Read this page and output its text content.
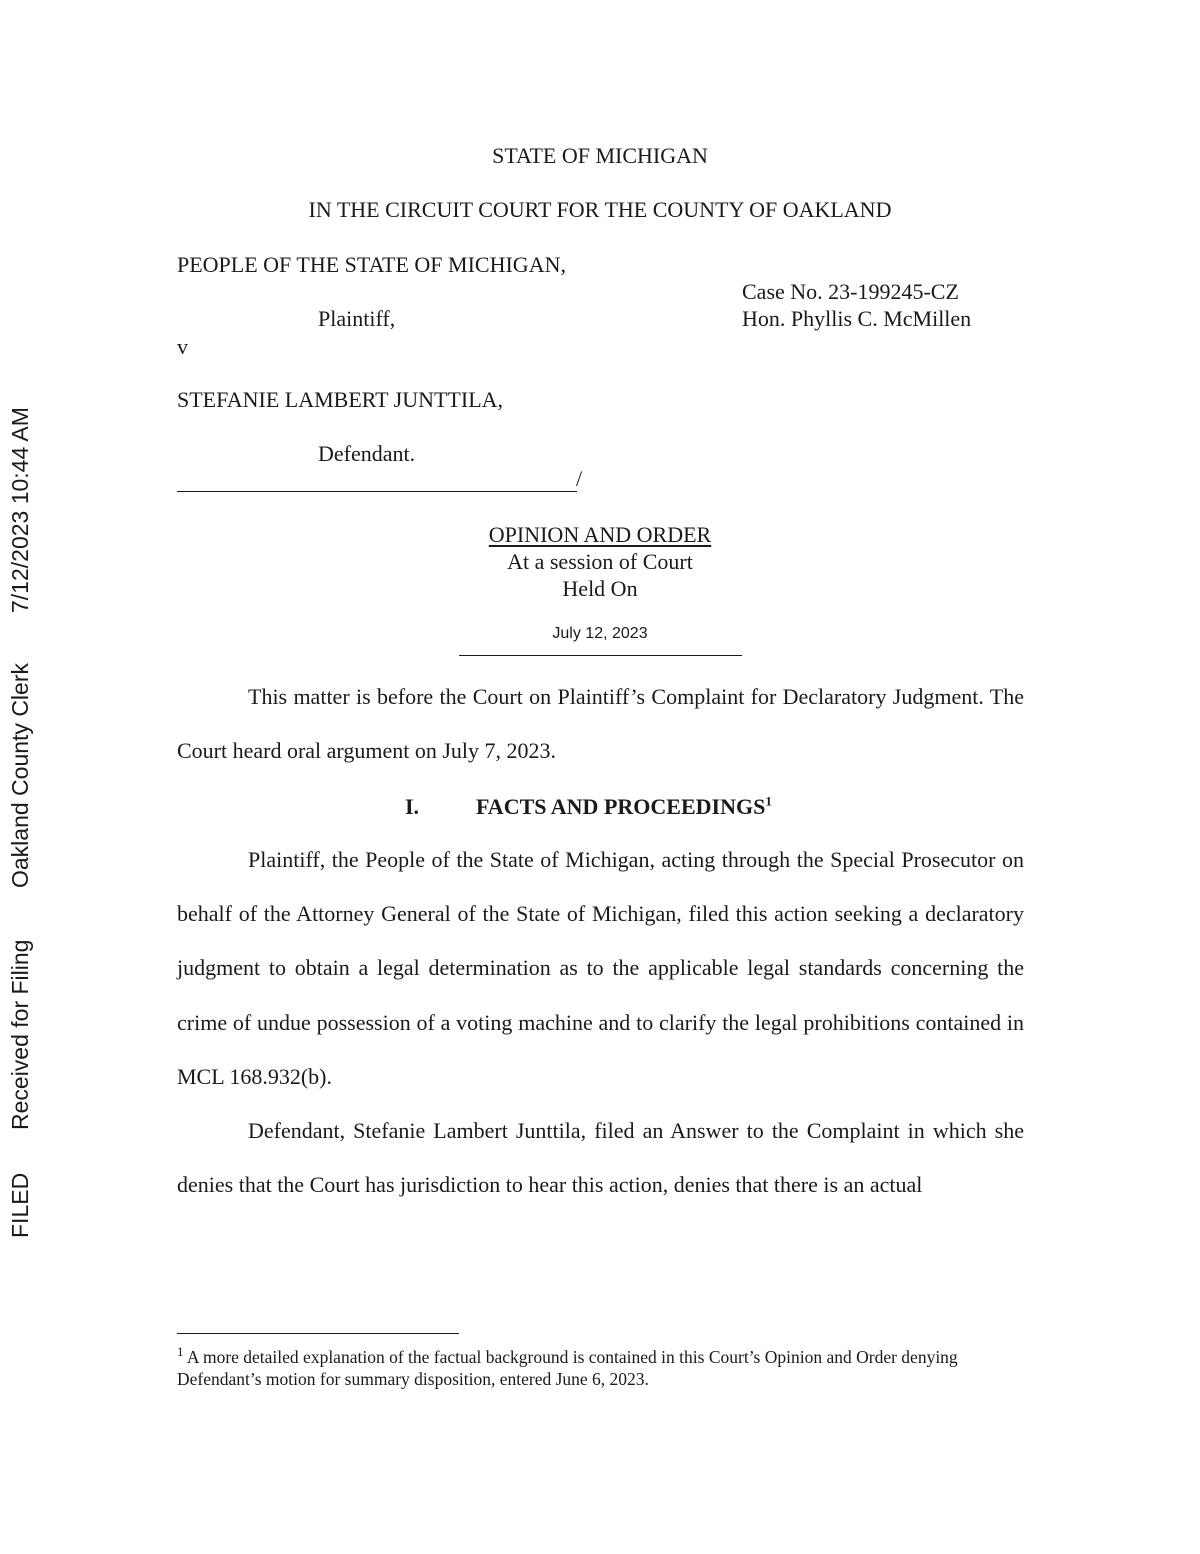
FILED
Received for Filing
Oakland County Clerk
7/12/2023 10:44 AM
STATE OF MICHIGAN
IN THE CIRCUIT COURT FOR THE COUNTY OF OAKLAND
PEOPLE OF THE STATE OF MICHIGAN,
Case No. 23-199245-CZ
Plaintiff,	Hon. Phyllis C. McMillen
v
STEFANIE LAMBERT JUNTTILA,
Defendant.
/
OPINION AND ORDER
At a session of Court
Held On
July 12, 2023

This matter is before the Court on Plaintiff’s Complaint for Declaratory Judgment. The Court heard oral argument on July 7, 2023.

I.	FACTS AND PROCEEDINGS$^1$

Plaintiff, the People of the State of Michigan, acting through the Special Prosecutor on behalf of the Attorney General of the State of Michigan, filed this action seeking a declaratory judgment to obtain a legal determination as to the applicable legal standards concerning the crime of undue possession of a voting machine and to clarify the legal prohibitions contained in MCL 168.932(b).

Defendant, Stefanie Lambert Junttila, filed an Answer to the Complaint in which she denies that the Court has jurisdiction to hear this action, denies that there is an actual

$^1$ A more detailed explanation of the factual background is contained in this Court’s Opinion and Order denying Defendant’s motion for summary disposition, entered June 6, 2023.
